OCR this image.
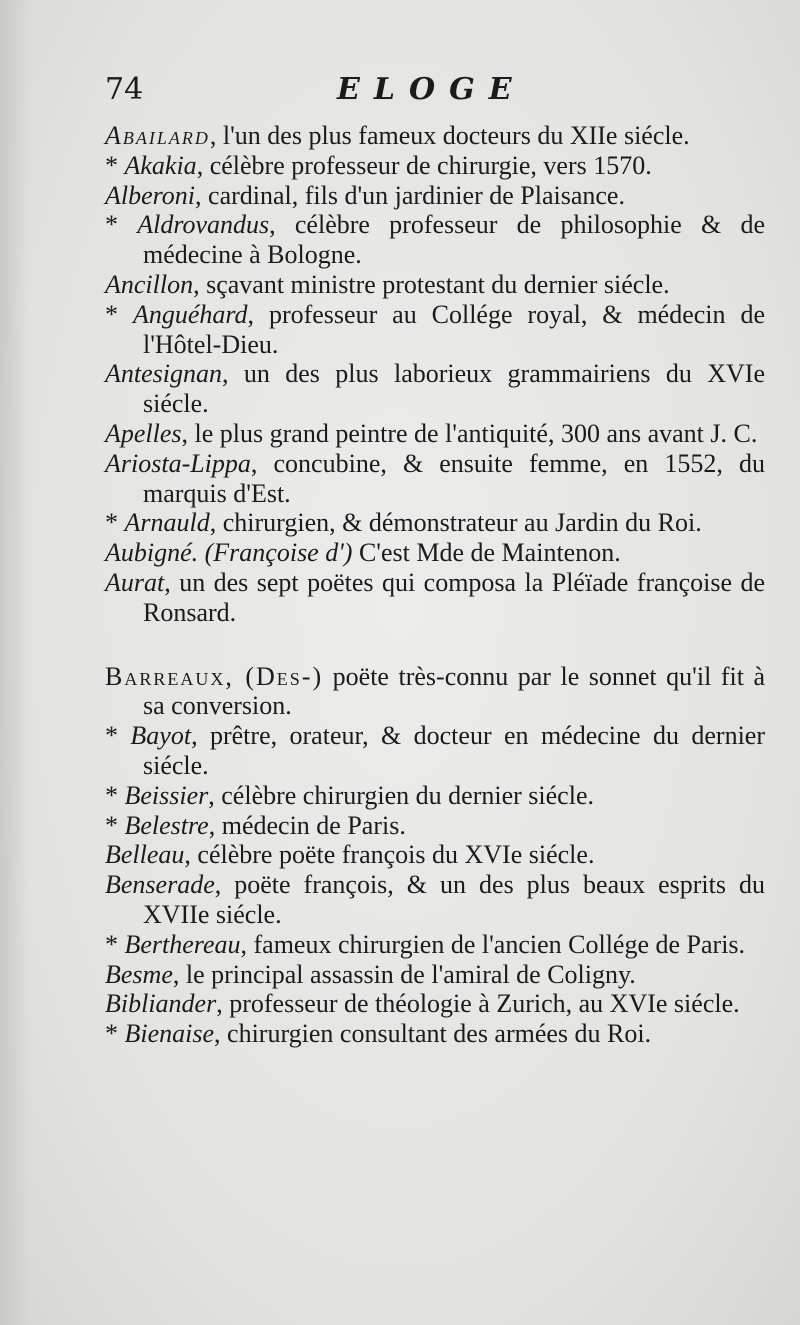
74	ELOGE

Abailard, l'un des plus fameux docteurs du XIIe siécle.

* Akakia, célèbre professeur de chirurgie, vers 1570.

Alberoni, cardinal, fils d'un jardinier de Plaisance.

* Aldrovandus, célèbre professeur de philosophie & de médecine à Bologne.

Ancillon, sçavant ministre protestant du dernier siécle.

* Anguéhard, professeur au Collége royal, & médecin de l'Hôtel-Dieu.

Antesignan, un des plus laborieux grammairiens du XVIe siécle.

Apelles, le plus grand peintre de l'antiquité, 300 ans avant J. C.

Ariosta-Lippa, concubine, & ensuite femme, en 1552, du marquis d'Est.

* Arnauld, chirurgien, & démonstrateur au Jardin du Roi.

Aubigné. (Françoise d') C'est Mde de Maintenon.

Aurat, un des sept poëtes qui composa la Pléïade françoise de Ronsard.

Barreaux, (Des-) poëte très-connu par le sonnet qu'il fit à sa conversion.

* Bayot, prêtre, orateur, & docteur en médecine du dernier siécle.

* Beissier, célèbre chirurgien du dernier siécle.

* Belestre, médecin de Paris.

Belleau, célèbre poëte françois du XVIe siécle.

Benserade, poëte françois, & un des plus beaux esprits du XVIIe siécle.

* Berthereau, fameux chirurgien de l'ancien Collége de Paris.

Besme, le principal assassin de l'amiral de Coligny.

Bibliander, professeur de théologie à Zurich, au XVIe siécle.

* Bienaise, chirurgien consultant des armées du Roi.
